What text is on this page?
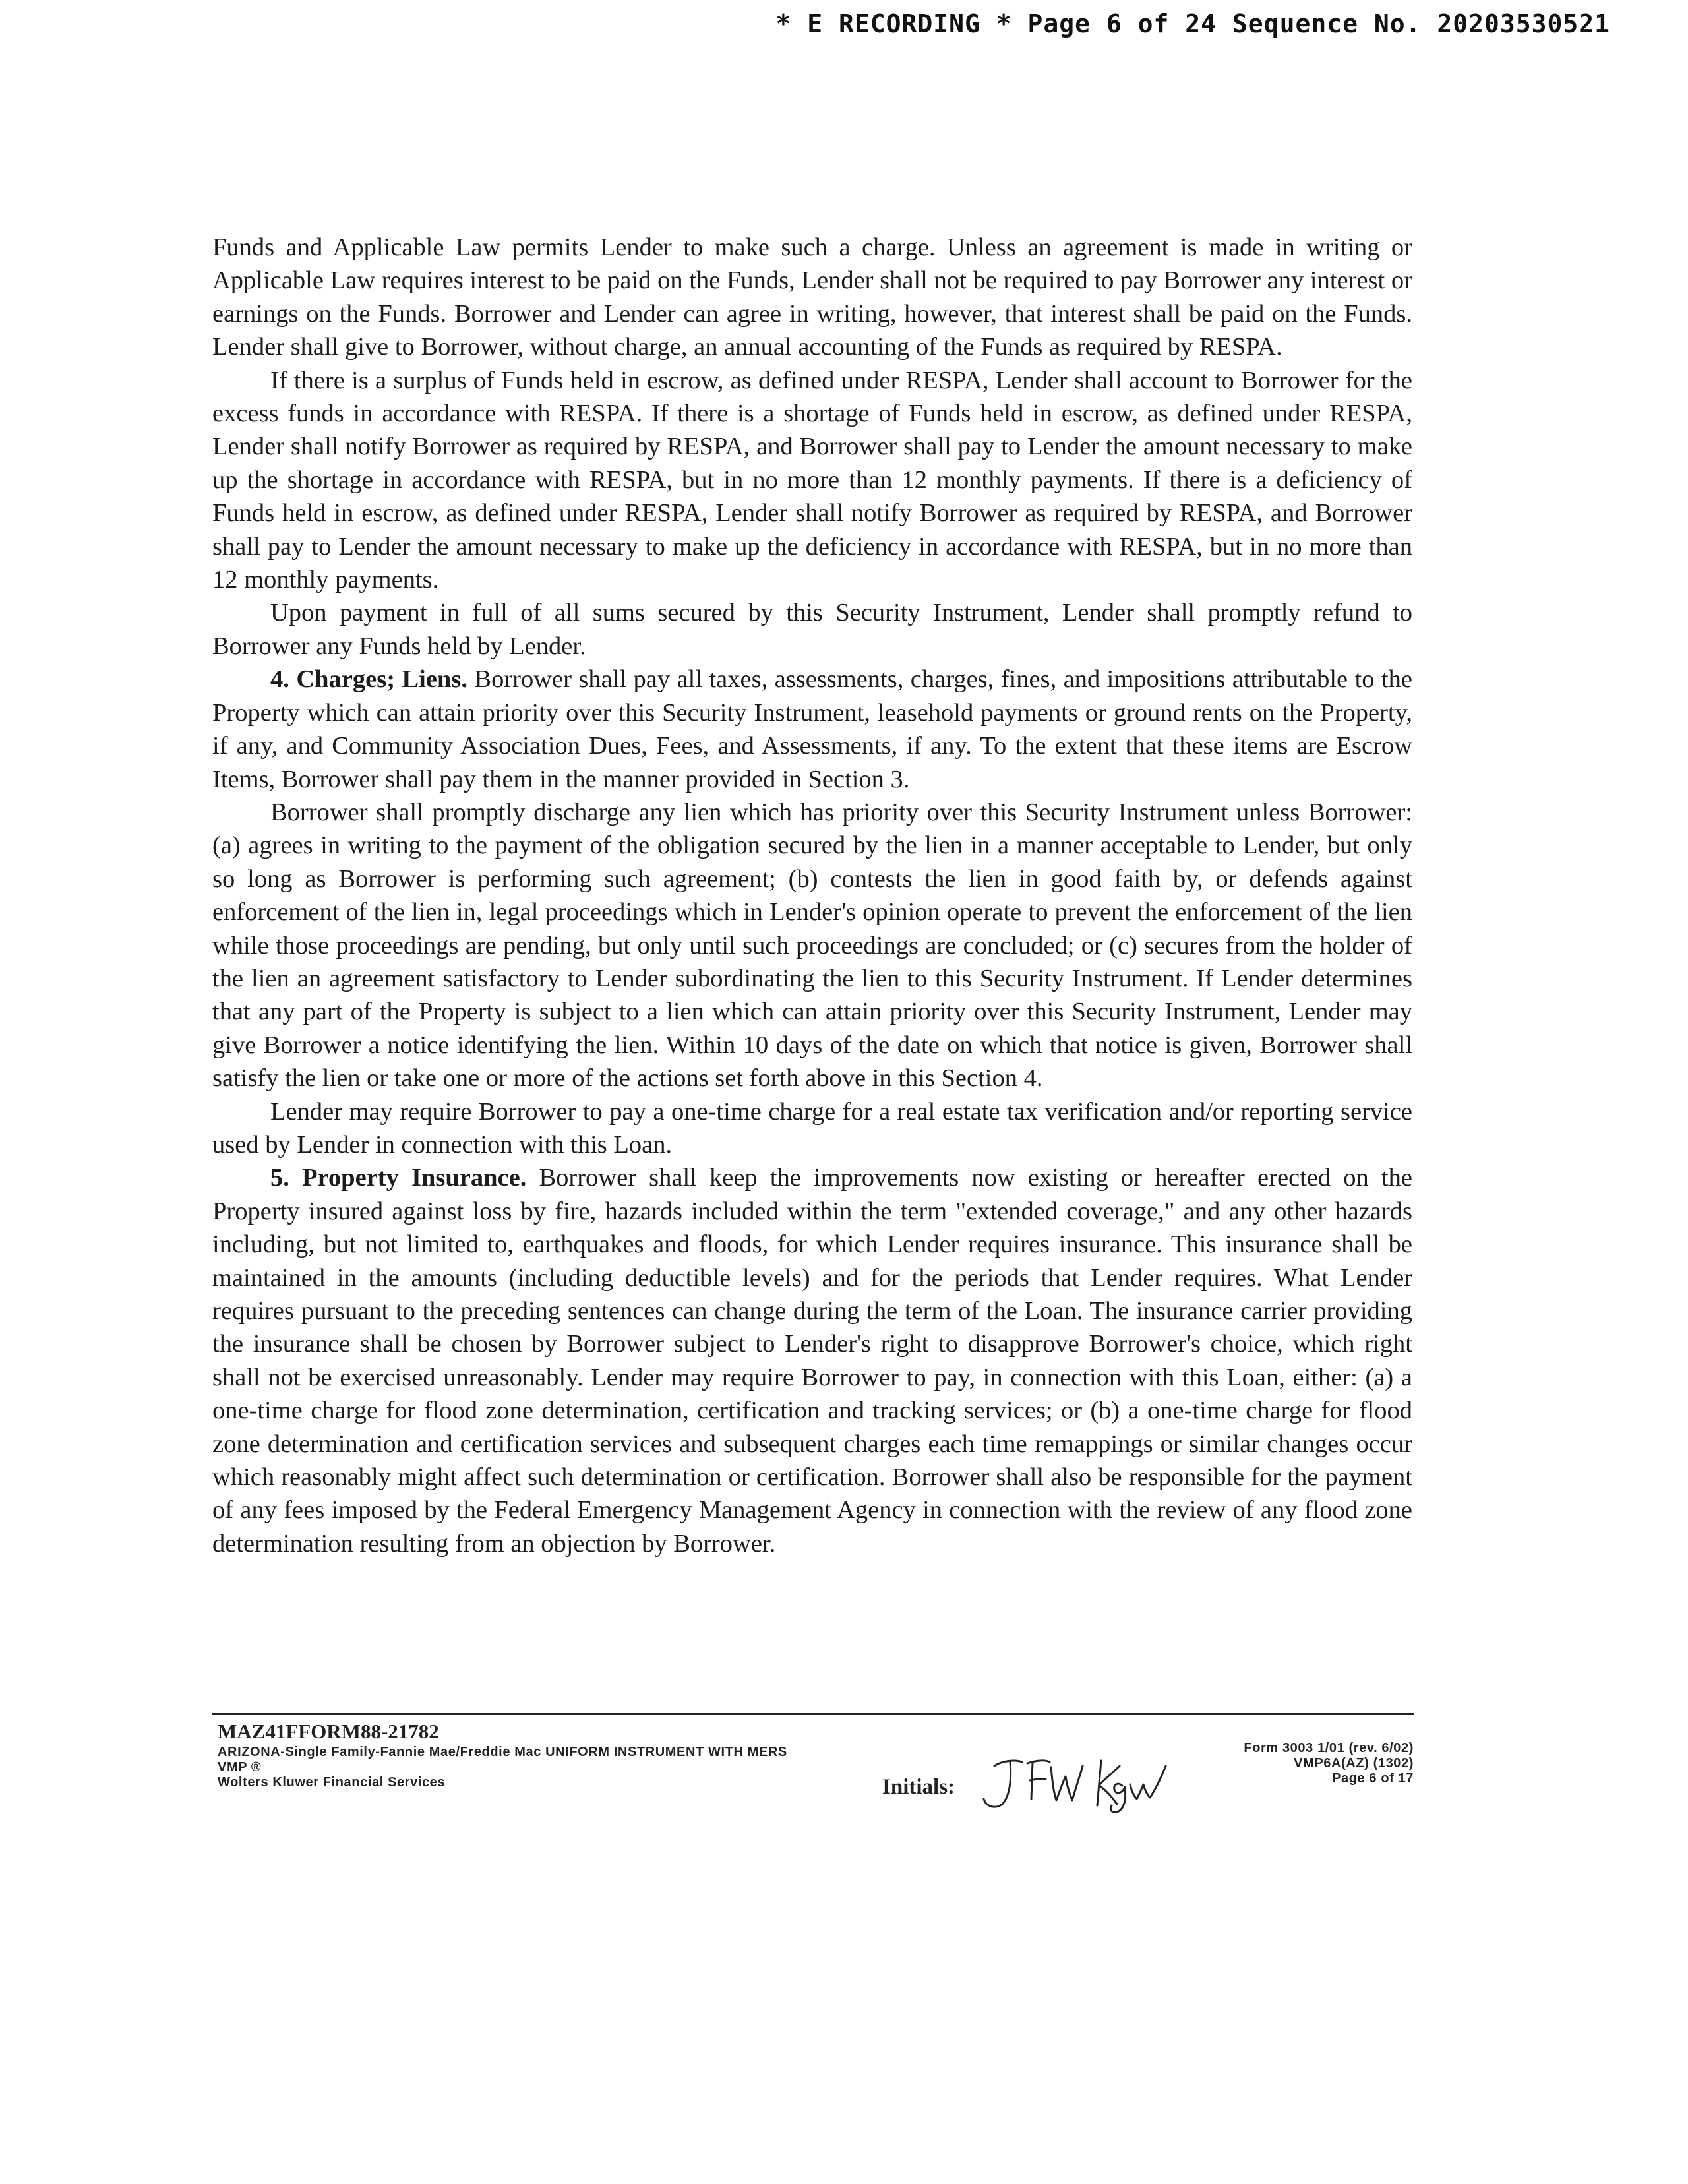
* E RECORDING * Page 6 of 24 Sequence No. 20203530521

Funds and Applicable Law permits Lender to make such a charge. Unless an agreement is made in writing or Applicable Law requires interest to be paid on the Funds, Lender shall not be required to pay Borrower any interest or earnings on the Funds. Borrower and Lender can agree in writing, however, that interest shall be paid on the Funds. Lender shall give to Borrower, without charge, an annual accounting of the Funds as required by RESPA.

If there is a surplus of Funds held in escrow, as defined under RESPA, Lender shall account to Borrower for the excess funds in accordance with RESPA. If there is a shortage of Funds held in escrow, as defined under RESPA, Lender shall notify Borrower as required by RESPA, and Borrower shall pay to Lender the amount necessary to make up the shortage in accordance with RESPA, but in no more than 12 monthly payments. If there is a deficiency of Funds held in escrow, as defined under RESPA, Lender shall notify Borrower as required by RESPA, and Borrower shall pay to Lender the amount necessary to make up the deficiency in accordance with RESPA, but in no more than 12 monthly payments.

Upon payment in full of all sums secured by this Security Instrument, Lender shall promptly refund to Borrower any Funds held by Lender.

4. Charges; Liens. Borrower shall pay all taxes, assessments, charges, fines, and impositions attributable to the Property which can attain priority over this Security Instrument, leasehold payments or ground rents on the Property, if any, and Community Association Dues, Fees, and Assessments, if any. To the extent that these items are Escrow Items, Borrower shall pay them in the manner provided in Section 3.

Borrower shall promptly discharge any lien which has priority over this Security Instrument unless Borrower: (a) agrees in writing to the payment of the obligation secured by the lien in a manner acceptable to Lender, but only so long as Borrower is performing such agreement; (b) contests the lien in good faith by, or defends against enforcement of the lien in, legal proceedings which in Lender's opinion operate to prevent the enforcement of the lien while those proceedings are pending, but only until such proceedings are concluded; or (c) secures from the holder of the lien an agreement satisfactory to Lender subordinating the lien to this Security Instrument. If Lender determines that any part of the Property is subject to a lien which can attain priority over this Security Instrument, Lender may give Borrower a notice identifying the lien. Within 10 days of the date on which that notice is given, Borrower shall satisfy the lien or take one or more of the actions set forth above in this Section 4.

Lender may require Borrower to pay a one-time charge for a real estate tax verification and/or reporting service used by Lender in connection with this Loan.

5. Property Insurance. Borrower shall keep the improvements now existing or hereafter erected on the Property insured against loss by fire, hazards included within the term "extended coverage," and any other hazards including, but not limited to, earthquakes and floods, for which Lender requires insurance. This insurance shall be maintained in the amounts (including deductible levels) and for the periods that Lender requires. What Lender requires pursuant to the preceding sentences can change during the term of the Loan. The insurance carrier providing the insurance shall be chosen by Borrower subject to Lender's right to disapprove Borrower's choice, which right shall not be exercised unreasonably. Lender may require Borrower to pay, in connection with this Loan, either: (a) a one-time charge for flood zone determination, certification and tracking services; or (b) a one-time charge for flood zone determination and certification services and subsequent charges each time remappings or similar changes occur which reasonably might affect such determination or certification. Borrower shall also be responsible for the payment of any fees imposed by the Federal Emergency Management Agency in connection with the review of any flood zone determination resulting from an objection by Borrower.

MAZ41FFORM88-21782
ARIZONA-Single Family-Fannie Mae/Freddie Mac UNIFORM INSTRUMENT WITH MERS
VMP ®
Wolters Kluwer Financial Services	Initials:
Form 3003 1/01 (rev. 6/02)
VMP6A(AZ) (1302)
Page 6 of 17
